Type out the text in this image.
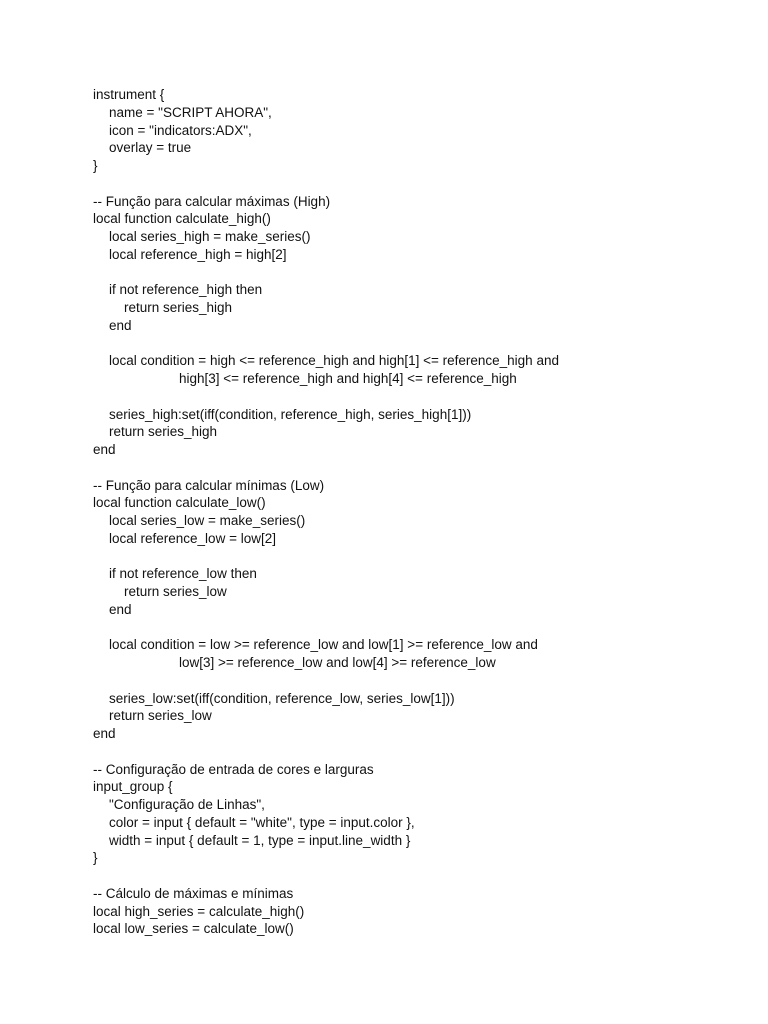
instrument {
name = "SCRIPT AHORA",
icon = "indicators:ADX",
overlay = true
}
-- Função para calcular máximas (High)
local function calculate_high()
local series_high = make_series()
local reference_high = high[2]
if not reference_high then
return series_high
end
local condition = high <= reference_high and high[1] <= reference_high and
high[3] <= reference_high and high[4] <= reference_high
series_high:set(iff(condition, reference_high, series_high[1]))
return series_high
end
-- Função para calcular mínimas (Low)
local function calculate_low()
local series_low = make_series()
local reference_low = low[2]
if not reference_low then
return series_low
end
local condition = low >= reference_low and low[1] >= reference_low and
low[3] >= reference_low and low[4] >= reference_low
series_low:set(iff(condition, reference_low, series_low[1]))
return series_low
end
-- Configuração de entrada de cores e larguras
input_group {
"Configuração de Linhas",
color = input { default = "white", type = input.color },
width = input { default = 1, type = input.line_width }
}
-- Cálculo de máximas e mínimas
local high_series = calculate_high()
local low_series = calculate_low()
